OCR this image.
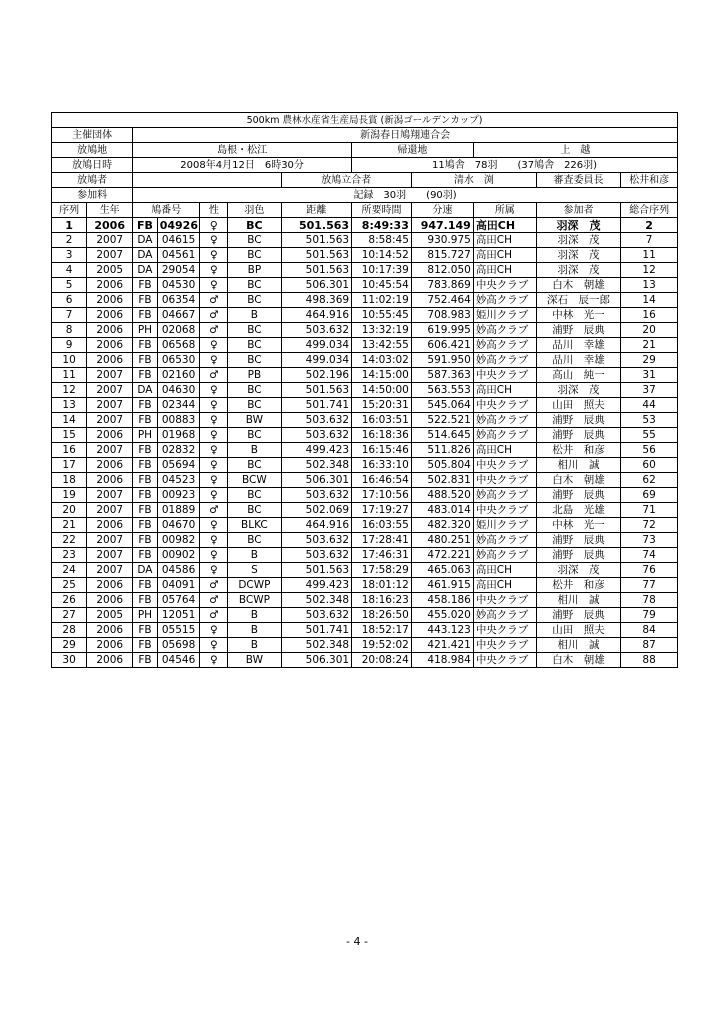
500km 農林水産省生産局長賞 (新潟ゴールデンカップ)											
主催団体		新潟春日鳩翔連合会									
放鳩地		島根・松江					帰還地		上　越		
放鳩日時		2008年4月12日　6時30分					11鳩舎　78羽　　(37鳩舎　226羽)				
放鳩者						放鳩立合者		清水　渕		審査委員長	松井和彦
参加料		記録　30羽　　(90羽)									
序列	生年	鳩番号		性	羽色	距離	所要時間	分速	所属	参加者	総合序列
1	2006	FB	04926	♀	BC	501.563	8:49:33	947.149	高田CH	羽深　茂	2
2	2007	DA	04615	♀	BC	501.563	8:58:45	930.975	高田CH	羽深　茂	7
3	2007	DA	04561	♀	BC	501.563	10:14:52	815.727	高田CH	羽深　茂	11
4	2005	DA	29054	♀	BP	501.563	10:17:39	812.050	高田CH	羽深　茂	12
5	2006	FB	04530	♀	BC	506.301	10:45:54	783.869	中央クラブ	白木　朝雄	13
6	2006	FB	06354	♂	BC	498.369	11:02:19	752.464	妙高クラブ	深石　辰一郎	14
7	2006	FB	04667	♂	B	464.916	10:55:45	708.983	姫川クラブ	中林　光一	16
8	2006	PH	02068	♂	BC	503.632	13:32:19	619.995	妙高クラブ	浦野　辰典	20
9	2006	FB	06568	♀	BC	499.034	13:42:55	606.421	妙高クラブ	品川　幸雄	21
10	2006	FB	06530	♀	BC	499.034	14:03:02	591.950	妙高クラブ	品川　幸雄	29
11	2007	FB	02160	♂	PB	502.196	14:15:00	587.363	中央クラブ	高山　純一	31
12	2007	DA	04630	♀	BC	501.563	14:50:00	563.553	高田CH	羽深　茂	37
13	2007	FB	02344	♀	BC	501.741	15:20:31	545.064	中央クラブ	山田　照夫	44
14	2007	FB	00883	♀	BW	503.632	16:03:51	522.521	妙高クラブ	浦野　辰典	53
15	2006	PH	01968	♀	BC	503.632	16:18:36	514.645	妙高クラブ	浦野　辰典	55
16	2007	FB	02832	♀	B	499.423	16:15:46	511.826	高田CH	松井　和彦	56
17	2006	FB	05694	♀	BC	502.348	16:33:10	505.804	中央クラブ	相川　誠	60
18	2006	FB	04523	♀	BCW	506.301	16:46:54	502.831	中央クラブ	白木　朝雄	62
19	2007	FB	00923	♀	BC	503.632	17:10:56	488.520	妙高クラブ	浦野　辰典	69
20	2007	FB	01889	♂	BC	502.069	17:19:27	483.014	中央クラブ	北島　光雄	71
21	2006	FB	04670	♀	BLKC	464.916	16:03:55	482.320	姫川クラブ	中林　光一	72
22	2007	FB	00982	♀	BC	503.632	17:28:41	480.251	妙高クラブ	浦野　辰典	73
23	2007	FB	00902	♀	B	503.632	17:46:31	472.221	妙高クラブ	浦野　辰典	74
24	2007	DA	04586	♀	S	501.563	17:58:29	465.063	高田CH	羽深　茂	76
25	2006	FB	04091	♂	DCWP	499.423	18:01:12	461.915	高田CH	松井　和彦	77
26	2006	FB	05764	♂	BCWP	502.348	18:16:23	458.186	中央クラブ	相川　誠	78
27	2005	PH	12051	♂	B	503.632	18:26:50	455.020	妙高クラブ	浦野　辰典	79
28	2006	FB	05515	♀	B	501.741	18:52:17	443.123	中央クラブ	山田　照夫	84
29	2006	FB	05698	♀	B	502.348	19:52:02	421.421	中央クラブ	相川　誠	87
30	2006	FB	04546	♀	BW	506.301	20:08:24	418.984	中央クラブ	白木　朝雄	88
- 4 -
